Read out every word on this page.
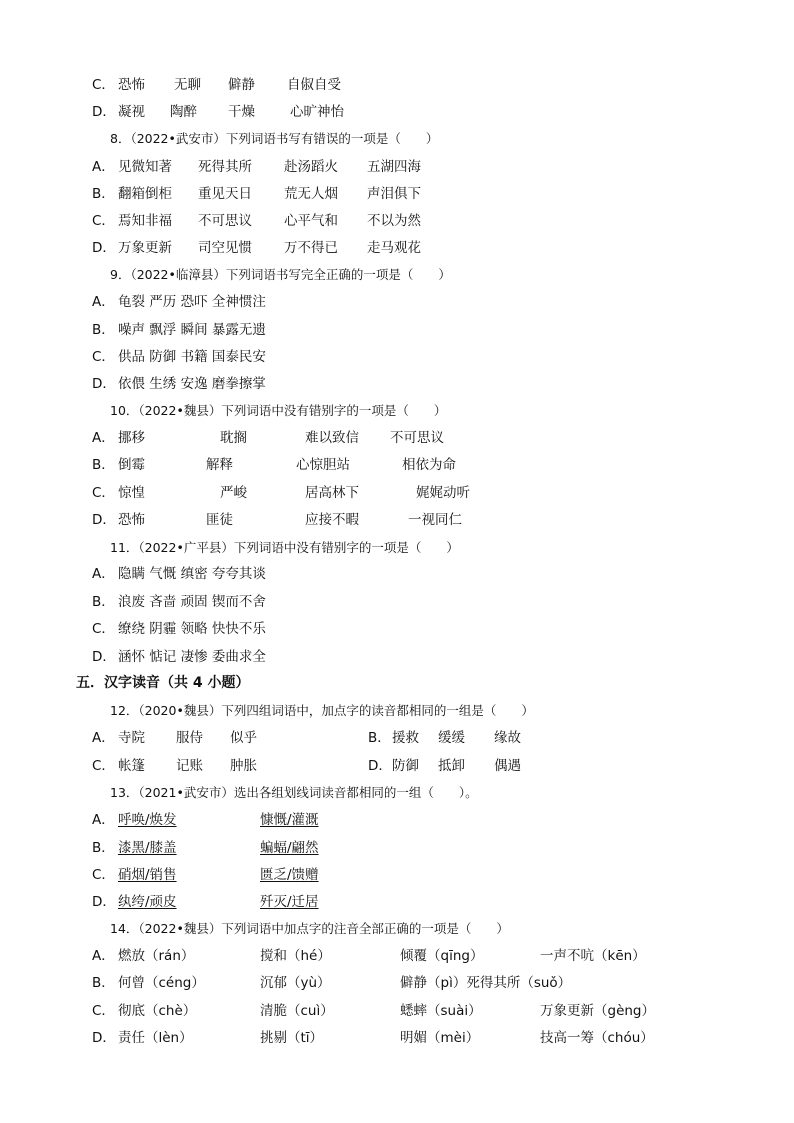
C． 恐怖 无聊 僻静 自俶自受
D． 凝视 陶醉 干燥	心旷神怡
8．（2022•武安市）下列词语书写有错误的一项是（　　）
A． 见微知著 死得其所 赴汤蹈火 五湖四海
B． 翻箱倒柜 重见天日 荒无人烟 声泪俱下
C． 焉知非福 不可思议 心平气和 不以为然
D． 万象更新 司空见惯 万不得已 走马观花
9．（2022•临漳县）下列词语书写完全正确的一项是（　　）
A． 龟裂 严历 恐吓 全神惯注
B． 噪声 飘浮 瞬间 暴露无遗
C． 供品 防御 书籍 国泰民安
D． 依偎 生绣 安逸 磨拳擦掌
10．（2022•魏县）下列词语中没有错别字的一项是（　　）
A． 挪移	耽搁	难以致信 不可思议
B． 倒霉	解释	心惊胆站	相依为命
C． 惊惶	严峻	居高林下	娓娓动听
D． 恐怖	匪徒	应接不暇	一视同仁
11．（2022•广平县）下列词语中没有错别字的一项是（　　）
A． 隐瞒 气慨 缜密 夸夸其谈
B． 浪废 吝啬 顽固 锲而不舍
C． 缭绕 阴霾 领略 快快不乐
D． 涵怀 惦记 凄惨 委曲求全
五．汉字读音（共 4 小题）
12．（2020•魏县）下列四组词语中，加点字的读音都相同的一组是（　　）
A． 寺院 服侍 似乎	B． 援救 缓缓 缘故
C． 帐篷 记账 肿胀	D． 防御 抵卸 偶遇
13．（2021•武安市）选出各组划线词读音都相同的一组（　　）。
A． 呼唤/焕发	慷慨/灌溉
B． 漆黑/膝盖	蝙蝠/翩然
C． 硝烟/销售	匮乏/馈赠
D． 纨绔/顽皮	歼灭/迁居
14．（2022•魏县）下列词语中加点字的注音全部正确的一项是（　　）
A． 燃放（rán）	搅和（hé）	倾覆（qīng）	一声不吭（kēn）
B． 何曾（céng）	沉郁（yù）	僻静（pì）死得其所（suǒ）
C． 彻底（chè）	清脆（cuì）	蟋蟀（suài）	万象更新（gèng）
D． 责任（lèn）	挑剔（tī）	明媚（mèi）	技高一筹（chóu）
